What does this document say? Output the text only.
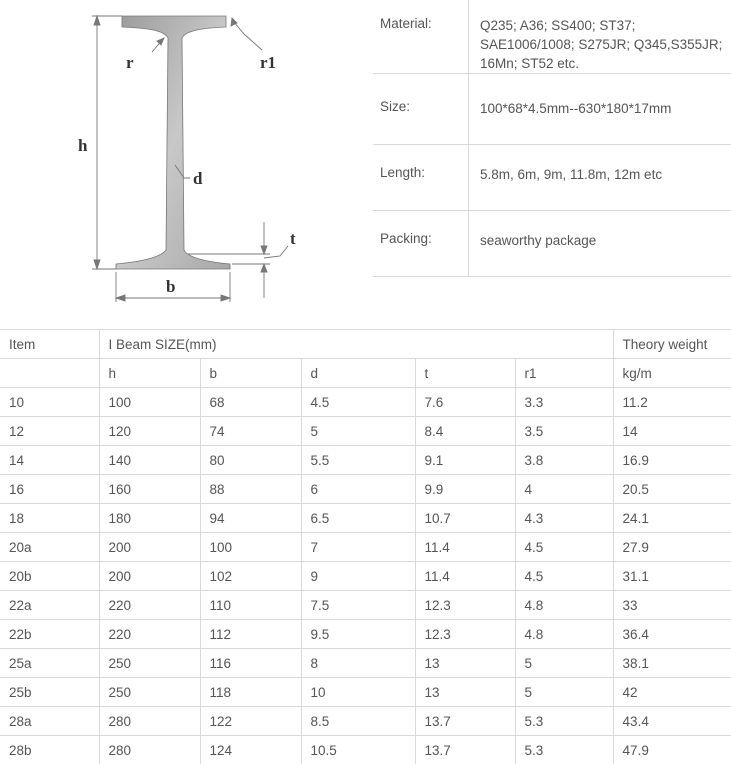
h
r	r1
d
t
b
Material:	Q235; A36; SS400; ST37; SAE1006/1008; S275JR; Q345,S355JR; 16Mn; ST52 etc.
Size:	100*68*4.5mm--630*180*17mm
Length:	5.8m, 6m, 9m, 11.8m, 12m etc
Packing:	seaworthy package
Item	I Beam SIZE(mm)					Theory weight
	h	b	d	t	r1	kg/m
10	100	68	4.5	7.6	3.3	11.2
12	120	74	5	8.4	3.5	14
14	140	80	5.5	9.1	3.8	16.9
16	160	88	6	9.9	4	20.5
18	180	94	6.5	10.7	4.3	24.1
20a	200	100	7	11.4	4.5	27.9
20b	200	102	9	11.4	4.5	31.1
22a	220	110	7.5	12.3	4.8	33
22b	220	112	9.5	12.3	4.8	36.4
25a	250	116	8	13	5	38.1
25b	250	118	10	13	5	42
28a	280	122	8.5	13.7	5.3	43.4
28b	280	124	10.5	13.7	5.3	47.9
